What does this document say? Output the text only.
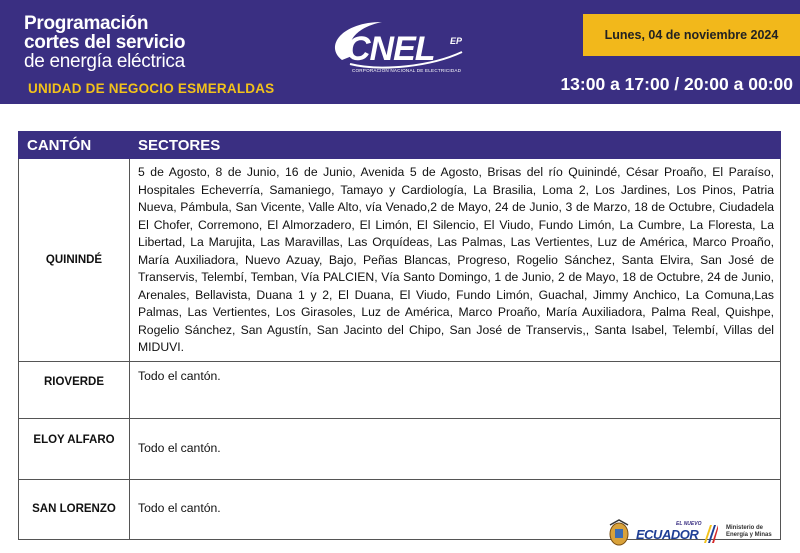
Programación
cortes del servicio
de energía eléctrica
UNIDAD DE NEGOCIO ESMERALDAS
CNEL EP
CORPORACIÓN NACIONAL DE ELECTRICIDAD
Lunes, 04 de noviembre 2024
13:00 a 17:00 / 20:00 a 00:00
CANTÓN	SECTORES
QUININDÉ	5 de Agosto, 8 de Junio, 16 de Junio, Avenida 5 de Agosto, Brisas del río Quinindé, César Proaño, El Paraíso, Hospitales Echeverría, Samaniego, Tamayo y Cardiología, La Brasilia, Loma 2, Los Jardines, Los Pinos, Patria Nueva, Pámbula, San Vicente, Valle Alto, vía Venado,2 de Mayo, 24 de Junio, 3 de Marzo, 18 de Octubre, Ciudadela El Chofer, Corremono, El Almorzadero, El Limón, El Silencio, El Viudo, Fundo Limón, La Cumbre, La Floresta, La Libertad, La Marujita, Las Maravillas, Las Orquídeas, Las Palmas, Las Vertientes, Luz de América, Marco Proaño, María Auxiliadora, Nuevo Azuay, Bajo, Peñas Blancas, Progreso, Rogelio Sánchez, Santa Elvira, San José de Transervis, Telembí, Temban, Vía PALCIEN, Vía Santo Domingo, 1 de Junio, 2 de Mayo, 18 de Octubre, 24 de Junio, Arenales, Bellavista, Duana 1 y 2, El Duana, El Viudo, Fundo Limón, Guachal, Jimmy Anchico, La Comuna,Las Palmas, Las Vertientes, Los Girasoles, Luz de América, Marco Proaño, María Auxiliadora, Palma Real, Quishpe, Rogelio Sánchez, San Agustín, San Jacinto del Chipo, San José de Transervis,, Santa Isabel, Telembí, Villas del MIDUVI.
RIOVERDE	Todo el cantón.
ELOY ALFARO	Todo el cantón.
SAN LORENZO	Todo el cantón.
EL NUEVO
ECUADOR	Ministerio de Energía y Minas
